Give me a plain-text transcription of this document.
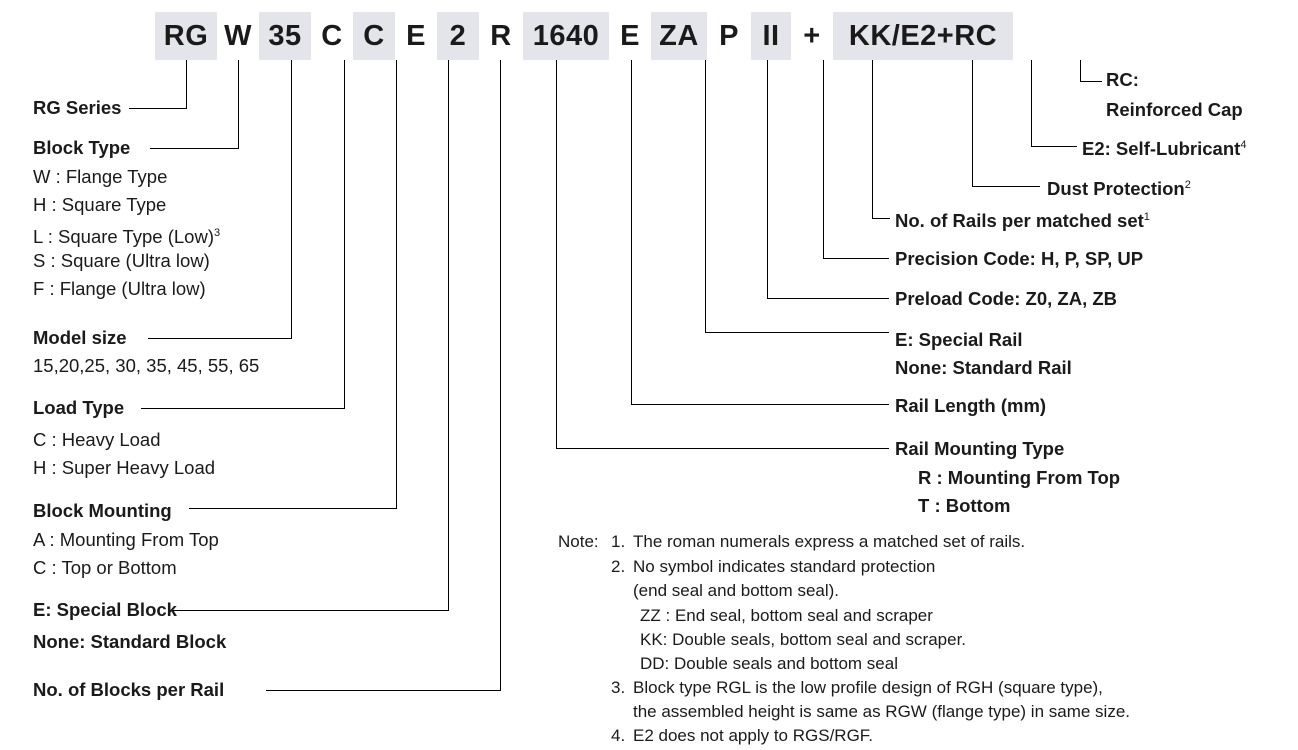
RG W 35 C C E 2 R 1640 E ZA P II + KK/E2+RC
RG Series
Block Type
W : Flange Type
H : Square Type
L : Square Type (Low)$^3$
S : Square (Ultra low)
F : Flange (Ultra low)
Model size
15,20,25, 30, 35, 45, 55, 65
Load Type
C : Heavy Load
H : Super Heavy Load
Block Mounting
A : Mounting From Top
C : Top or Bottom
E: Special Block
None: Standard Block
No. of Blocks per Rail
RC:
Reinforced Cap
E2: Self-Lubricant$^4$
Dust Protection$^2$
No. of Rails per matched set$^1$
Precision Code: H, P, SP, UP
Preload Code: Z0, ZA, ZB
E: Special Rail
None: Standard Rail
Rail Length (mm)
Rail Mounting Type
R : Mounting From Top
T : Bottom
Note: 1. The roman numerals express a matched set of rails.
2. No symbol indicates standard protection
(end seal and bottom seal).
ZZ : End seal, bottom seal and scraper
KK: Double seals, bottom seal and scraper.
DD: Double seals and bottom seal
3. Block type RGL is the low profile design of RGH (square type),
the assembled height is same as RGW (flange type) in same size.
4. E2 does not apply to RGS/RGF.
